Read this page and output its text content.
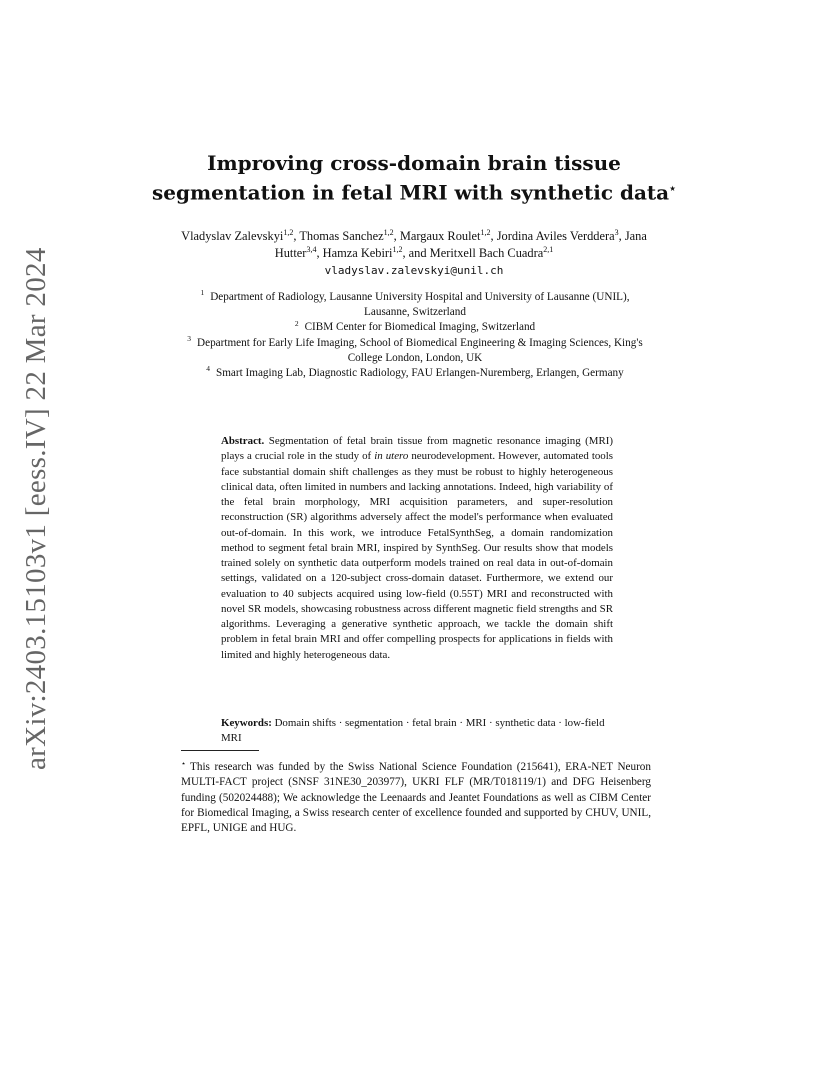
arXiv:2403.15103v1 [eess.IV] 22 Mar 2024
Improving cross-domain brain tissue
segmentation in fetal MRI with synthetic data⋆
Vladyslav Zalevskyi$^{1,2}$, Thomas Sanchez$^{1,2}$, Margaux Roulet$^{1,2}$, Jordina Aviles Verddera$^3$, Jana Hutter$^{3,4}$, Hamza Kebiri$^{1,2}$, and Meritxell Bach Cuadra$^{2,1}$
vladyslav.zalevskyi@unil.ch
$^1$ Department of Radiology, Lausanne University Hospital and University of Lausanne (UNIL), Lausanne, Switzerland
$^2$ CIBM Center for Biomedical Imaging, Switzerland
$^3$ Department for Early Life Imaging, School of Biomedical Engineering & Imaging Sciences, King's College London, London, UK
$^4$ Smart Imaging Lab, Diagnostic Radiology, FAU Erlangen-Nuremberg, Erlangen, Germany
Abstract. Segmentation of fetal brain tissue from magnetic resonance imaging (MRI) plays a crucial role in the study of in utero neurodevelopment. However, automated tools face substantial domain shift challenges as they must be robust to highly heterogeneous clinical data, often limited in numbers and lacking annotations. Indeed, high variability of the fetal brain morphology, MRI acquisition parameters, and super-resolution reconstruction (SR) algorithms adversely affect the model's performance when evaluated out-of-domain. In this work, we introduce FetalSynthSeg, a domain randomization method to segment fetal brain MRI, inspired by SynthSeg. Our results show that models trained solely on synthetic data outperform models trained on real data in out-of-domain settings, validated on a 120-subject cross-domain dataset. Furthermore, we extend our evaluation to 40 subjects acquired using low-field (0.55T) MRI and reconstructed with novel SR models, showcasing robustness across different magnetic field strengths and SR algorithms. Leveraging a generative synthetic approach, we tackle the domain shift problem in fetal brain MRI and offer compelling prospects for applications in fields with limited and highly heterogeneous data.
Keywords: Domain shifts · segmentation · fetal brain · MRI · synthetic data · low-field MRI
⋆ This research was funded by the Swiss National Science Foundation (215641), ERA-NET Neuron MULTI-FACT project (SNSF 31NE30_203977), UKRI FLF (MR/T018119/1) and DFG Heisenberg funding (502024488); We acknowledge the Leenaards and Jeantet Foundations as well as CIBM Center for Biomedical Imaging, a Swiss research center of excellence founded and supported by CHUV, UNIL, EPFL, UNIGE and HUG.
